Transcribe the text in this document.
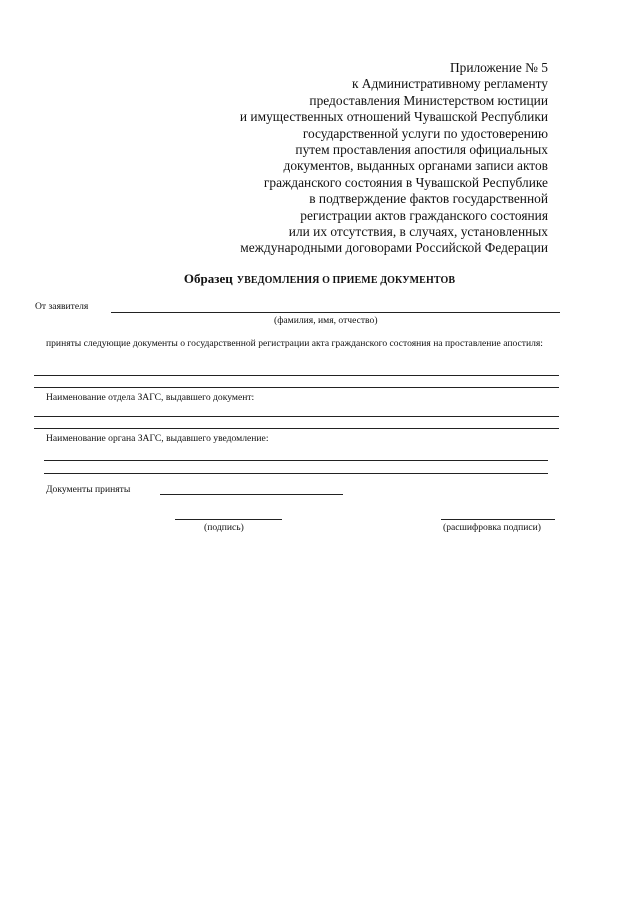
Приложение № 5
к Административному регламенту
предоставления Министерством юстиции
и имущественных отношений Чувашской Республики
государственной услуги по удостоверению
путем проставления апостиля официальных
документов, выданных органами записи актов
гражданского состояния в Чувашской Республике
в подтверждение фактов государственной
регистрации актов гражданского состояния
или их отсутствия, в случаях, установленных
международными договорами Российской Федерации
Образец УВЕДОМЛЕНИЯ О ПРИЕМЕ ДОКУМЕНТОВ
От заявителя
(фамилия, имя, отчество)
приняты следующие документы о государственной регистрации акта гражданского состояния на проставление апостиля:
Наименование отдела ЗАГС, выдавшего документ:
Наименование органа ЗАГС, выдавшего уведомление:
Документы приняты
(подпись)	(расшифровка подписи)
